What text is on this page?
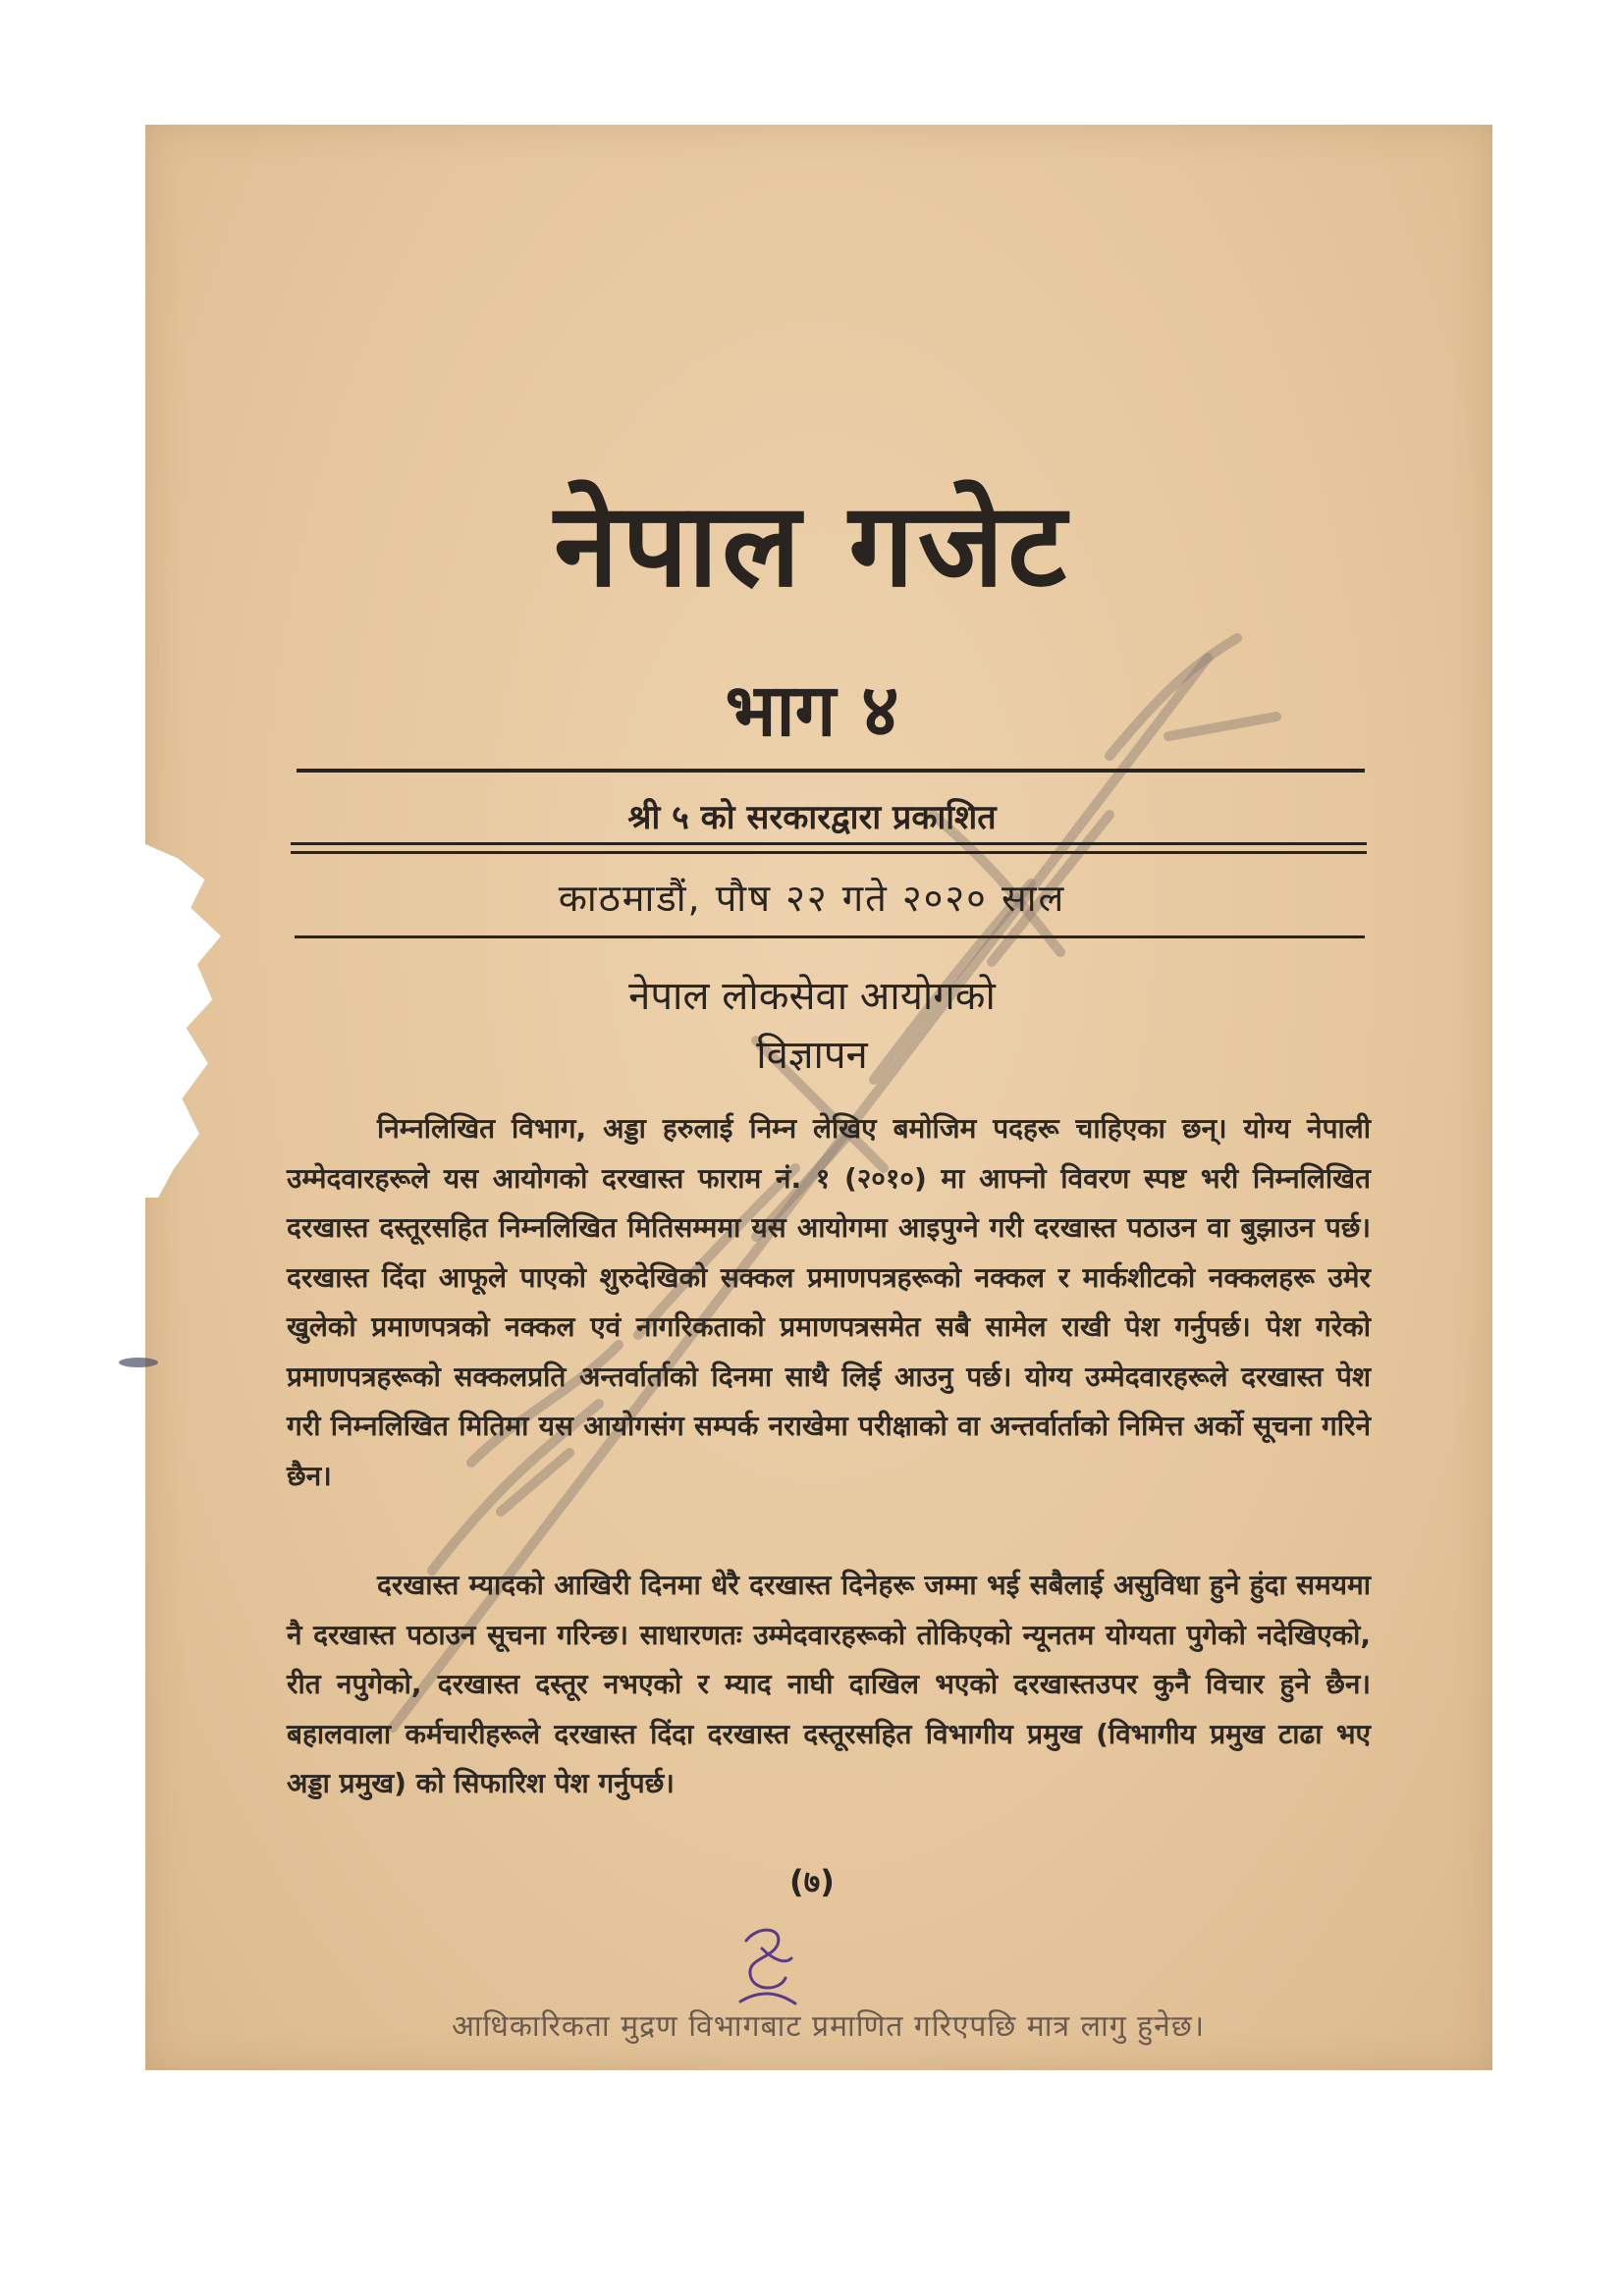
नेपाल गजेट
भाग ४
श्री ५ को सरकारद्वारा प्रकाशित
काठमाडौं, पौष २२ गते २०२० साल
नेपाल लोकसेवा आयोगको
विज्ञापन

निम्नलिखित विभाग, अड्डा हरुलाई निम्न लेखिए बमोजिम पदहरू चाहिएका छन्। योग्य नेपाली उम्मेदवारहरूले यस आयोगको दरखास्त फाराम नं. १ (२०१०) मा आफ्नो विवरण स्पष्ट भरी निम्नलिखित दरखास्त दस्तूरसहित निम्नलिखित मितिसम्ममा यस आयोगमा आइपुग्ने गरी दरखास्त पठाउन वा बुझाउन पर्छ। दरखास्त दिंदा आफूले पाएको शुरुदेखिको सक्कल प्रमाणपत्रहरूको नक्कल र मार्कशीटको नक्कलहरू उमेर खुलेको प्रमाणपत्रको नक्कल एवं नागरिकताको प्रमाणपत्रसमेत सबै सामेल राखी पेश गर्नुपर्छ। पेश गरेको प्रमाणपत्रहरूको सक्कलप्रति अन्तर्वार्ताको दिनमा साथै लिई आउनु पर्छ। योग्य उम्मेदवारहरूले दरखास्त पेश गरी निम्नलिखित मितिमा यस आयोगसंग सम्पर्क नराखेमा परीक्षाको वा अन्तर्वार्ताको निमित्त अर्को सूचना गरिने छैन।

दरखास्त म्यादको आखिरी दिनमा धेरै दरखास्त दिनेहरू जम्मा भई सबैलाई असुविधा हुने हुंदा समयमा नै दरखास्त पठाउन सूचना गरिन्छ। साधारणतः उम्मेदवारहरूको तोकिएको न्यूनतम योग्यता पुगेको नदेखिएको, रीत नपुगेको, दरखास्त दस्तूर नभएको र म्याद नाघी दाखिल भएको दरखास्तउपर कुनै विचार हुने छैन। बहालवाला कर्मचारीहरूले दरखास्त दिंदा दरखास्त दस्तूरसहित विभागीय प्रमुख (विभागीय प्रमुख टाढा भए अड्डा प्रमुख) को सिफारिश पेश गर्नुपर्छ।

(७)
आधिकारिकता मुद्रण विभागबाट प्रमाणित गरिएपछि मात्र लागु हुनेछ।
